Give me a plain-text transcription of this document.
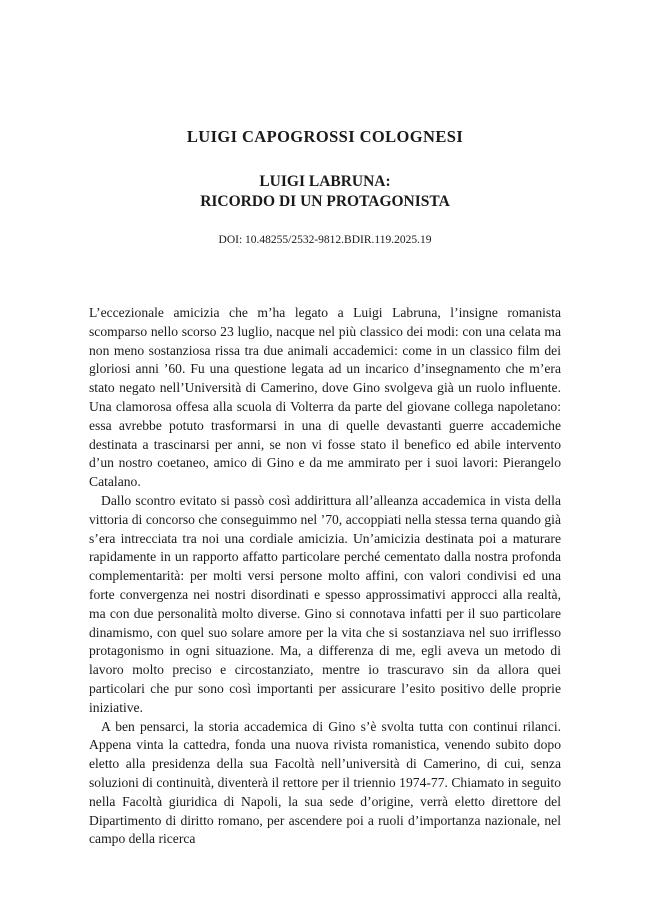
LUIGI CAPOGROSSI COLOGNESI
LUIGI LABRUNA:
RICORDO DI UN PROTAGONISTA
DOI: 10.48255/2532-9812.BDIR.119.2025.19

L’eccezionale amicizia che m’ha legato a Luigi Labruna, l’insigne romanista scomparso nello scorso 23 luglio, nacque nel più classico dei modi: con una celata ma non meno sostanziosa rissa tra due animali accademici: come in un classico film dei gloriosi anni ’60. Fu una questione legata ad un incarico d’insegnamento che m’era stato negato nell’Università di Camerino, dove Gino svolgeva già un ruolo influente. Una clamorosa offesa alla scuola di Volterra da parte del giovane collega napoletano: essa avrebbe potuto trasformarsi in una di quelle devastanti guerre accademiche destinata a trascinarsi per anni, se non vi fosse stato il benefico ed abile intervento d’un nostro coetaneo, amico di Gino e da me ammirato per i suoi lavori: Pierangelo Catalano.

Dallo scontro evitato si passò così addirittura all’alleanza accademica in vista della vittoria di concorso che conseguimmo nel ’70, accoppiati nella stessa terna quando già s’era intrecciata tra noi una cordiale amicizia. Un’amicizia destinata poi a maturare rapidamente in un rapporto affatto particolare perché cementato dalla nostra profonda complementarità: per molti versi persone molto affini, con valori condivisi ed una forte convergenza nei nostri disordinati e spesso approssimativi approcci alla realtà, ma con due personalità molto diverse. Gino si connotava infatti per il suo particolare dinamismo, con quel suo solare amore per la vita che si sostanziava nel suo irriflesso protagonismo in ogni situazione. Ma, a differenza di me, egli aveva un metodo di lavoro molto preciso e circostanziato, mentre io trascuravo sin da allora quei particolari che pur sono così importanti per assicurare l’esito positivo delle proprie iniziative.

A ben pensarci, la storia accademica di Gino s’è svolta tutta con continui rilanci. Appena vinta la cattedra, fonda una nuova rivista romanistica, venendo subito dopo eletto alla presidenza della sua Facoltà nell’università di Camerino, di cui, senza soluzioni di continuità, diventerà il rettore per il triennio 1974-77. Chiamato in seguito nella Facoltà giuridica di Napoli, la sua sede d’origine, verrà eletto direttore del Dipartimento di diritto romano, per ascendere poi a ruoli d’importanza nazionale, nel campo della ricerca
